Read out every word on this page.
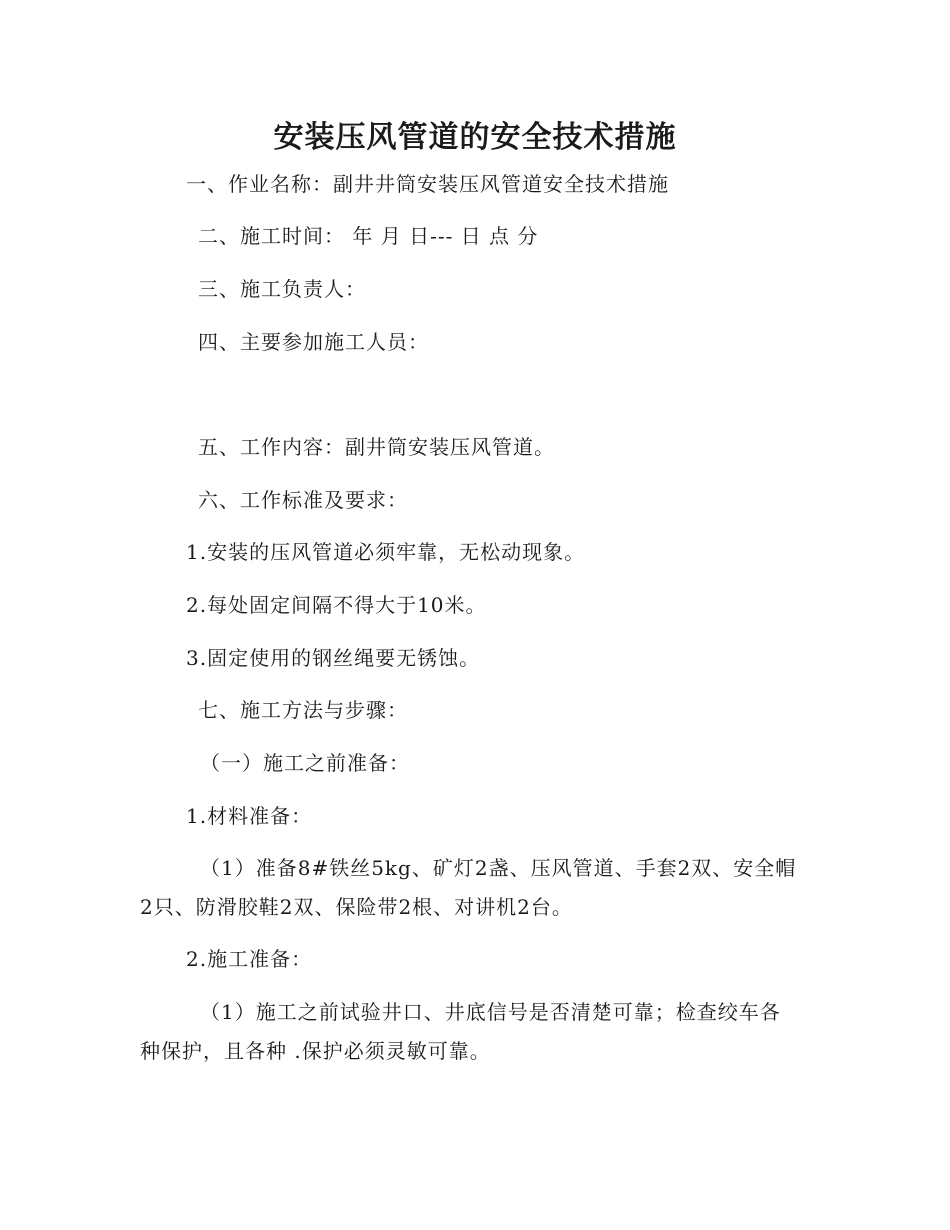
安装压风管道的安全技术措施
一、作业名称：副井井筒安装压风管道安全技术措施
二、施工时间： 年 月 日--- 日 点 分
三、施工负责人：
四、主要参加施工人员：
五、工作内容：副井筒安装压风管道。
六、工作标准及要求：
1.安装的压风管道必须牢靠，无松动现象。
2.每处固定间隔不得大于10米。
3.固定使用的钢丝绳要无锈蚀。
七、施工方法与步骤：
（一）施工之前准备：
1.材料准备：
（1）准备8#铁丝5kg、矿灯2盏、压风管道、手套2双、安全帽
2只、防滑胶鞋2双、保险带2根、对讲机2台。
2.施工准备：
（1）施工之前试验井口、井底信号是否清楚可靠；检查绞车各
种保护，且各种 .保护必须灵敏可靠。
